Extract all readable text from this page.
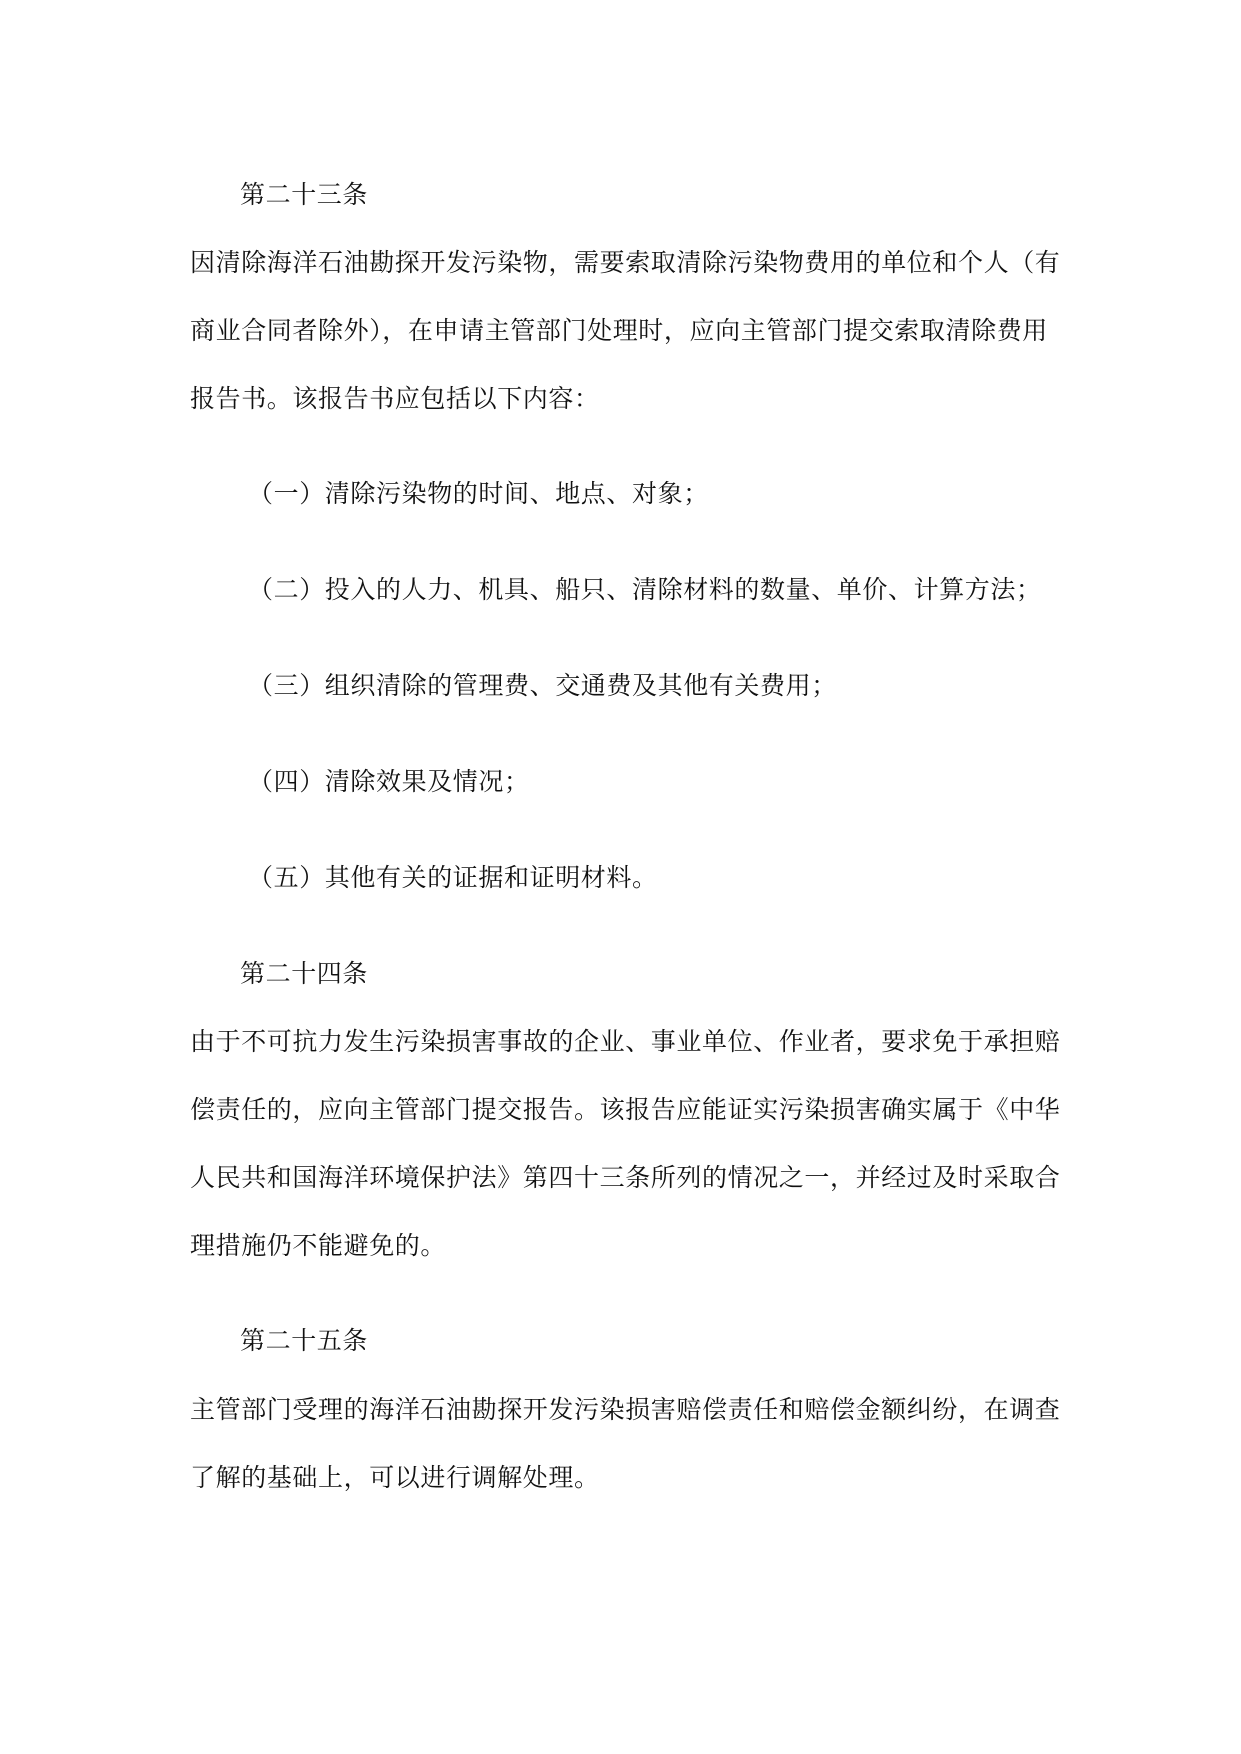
第二十三条
因清除海洋石油勘探开发污染物，需要索取清除污染物费用的单位和个人（有
商业合同者除外），在申请主管部门处理时，应向主管部门提交索取清除费用
报告书。该报告书应包括以下内容：
（一）清除污染物的时间、地点、对象；
（二）投入的人力、机具、船只、清除材料的数量、单价、计算方法；
（三）组织清除的管理费、交通费及其他有关费用；
（四）清除效果及情况；
（五）其他有关的证据和证明材料。
第二十四条
由于不可抗力发生污染损害事故的企业、事业单位、作业者，要求免于承担赔
偿责任的，应向主管部门提交报告。该报告应能证实污染损害确实属于《中华
人民共和国海洋环境保护法》第四十三条所列的情况之一，并经过及时采取合
理措施仍不能避免的。
第二十五条
主管部门受理的海洋石油勘探开发污染损害赔偿责任和赔偿金额纠纷，在调查
了解的基础上，可以进行调解处理。
